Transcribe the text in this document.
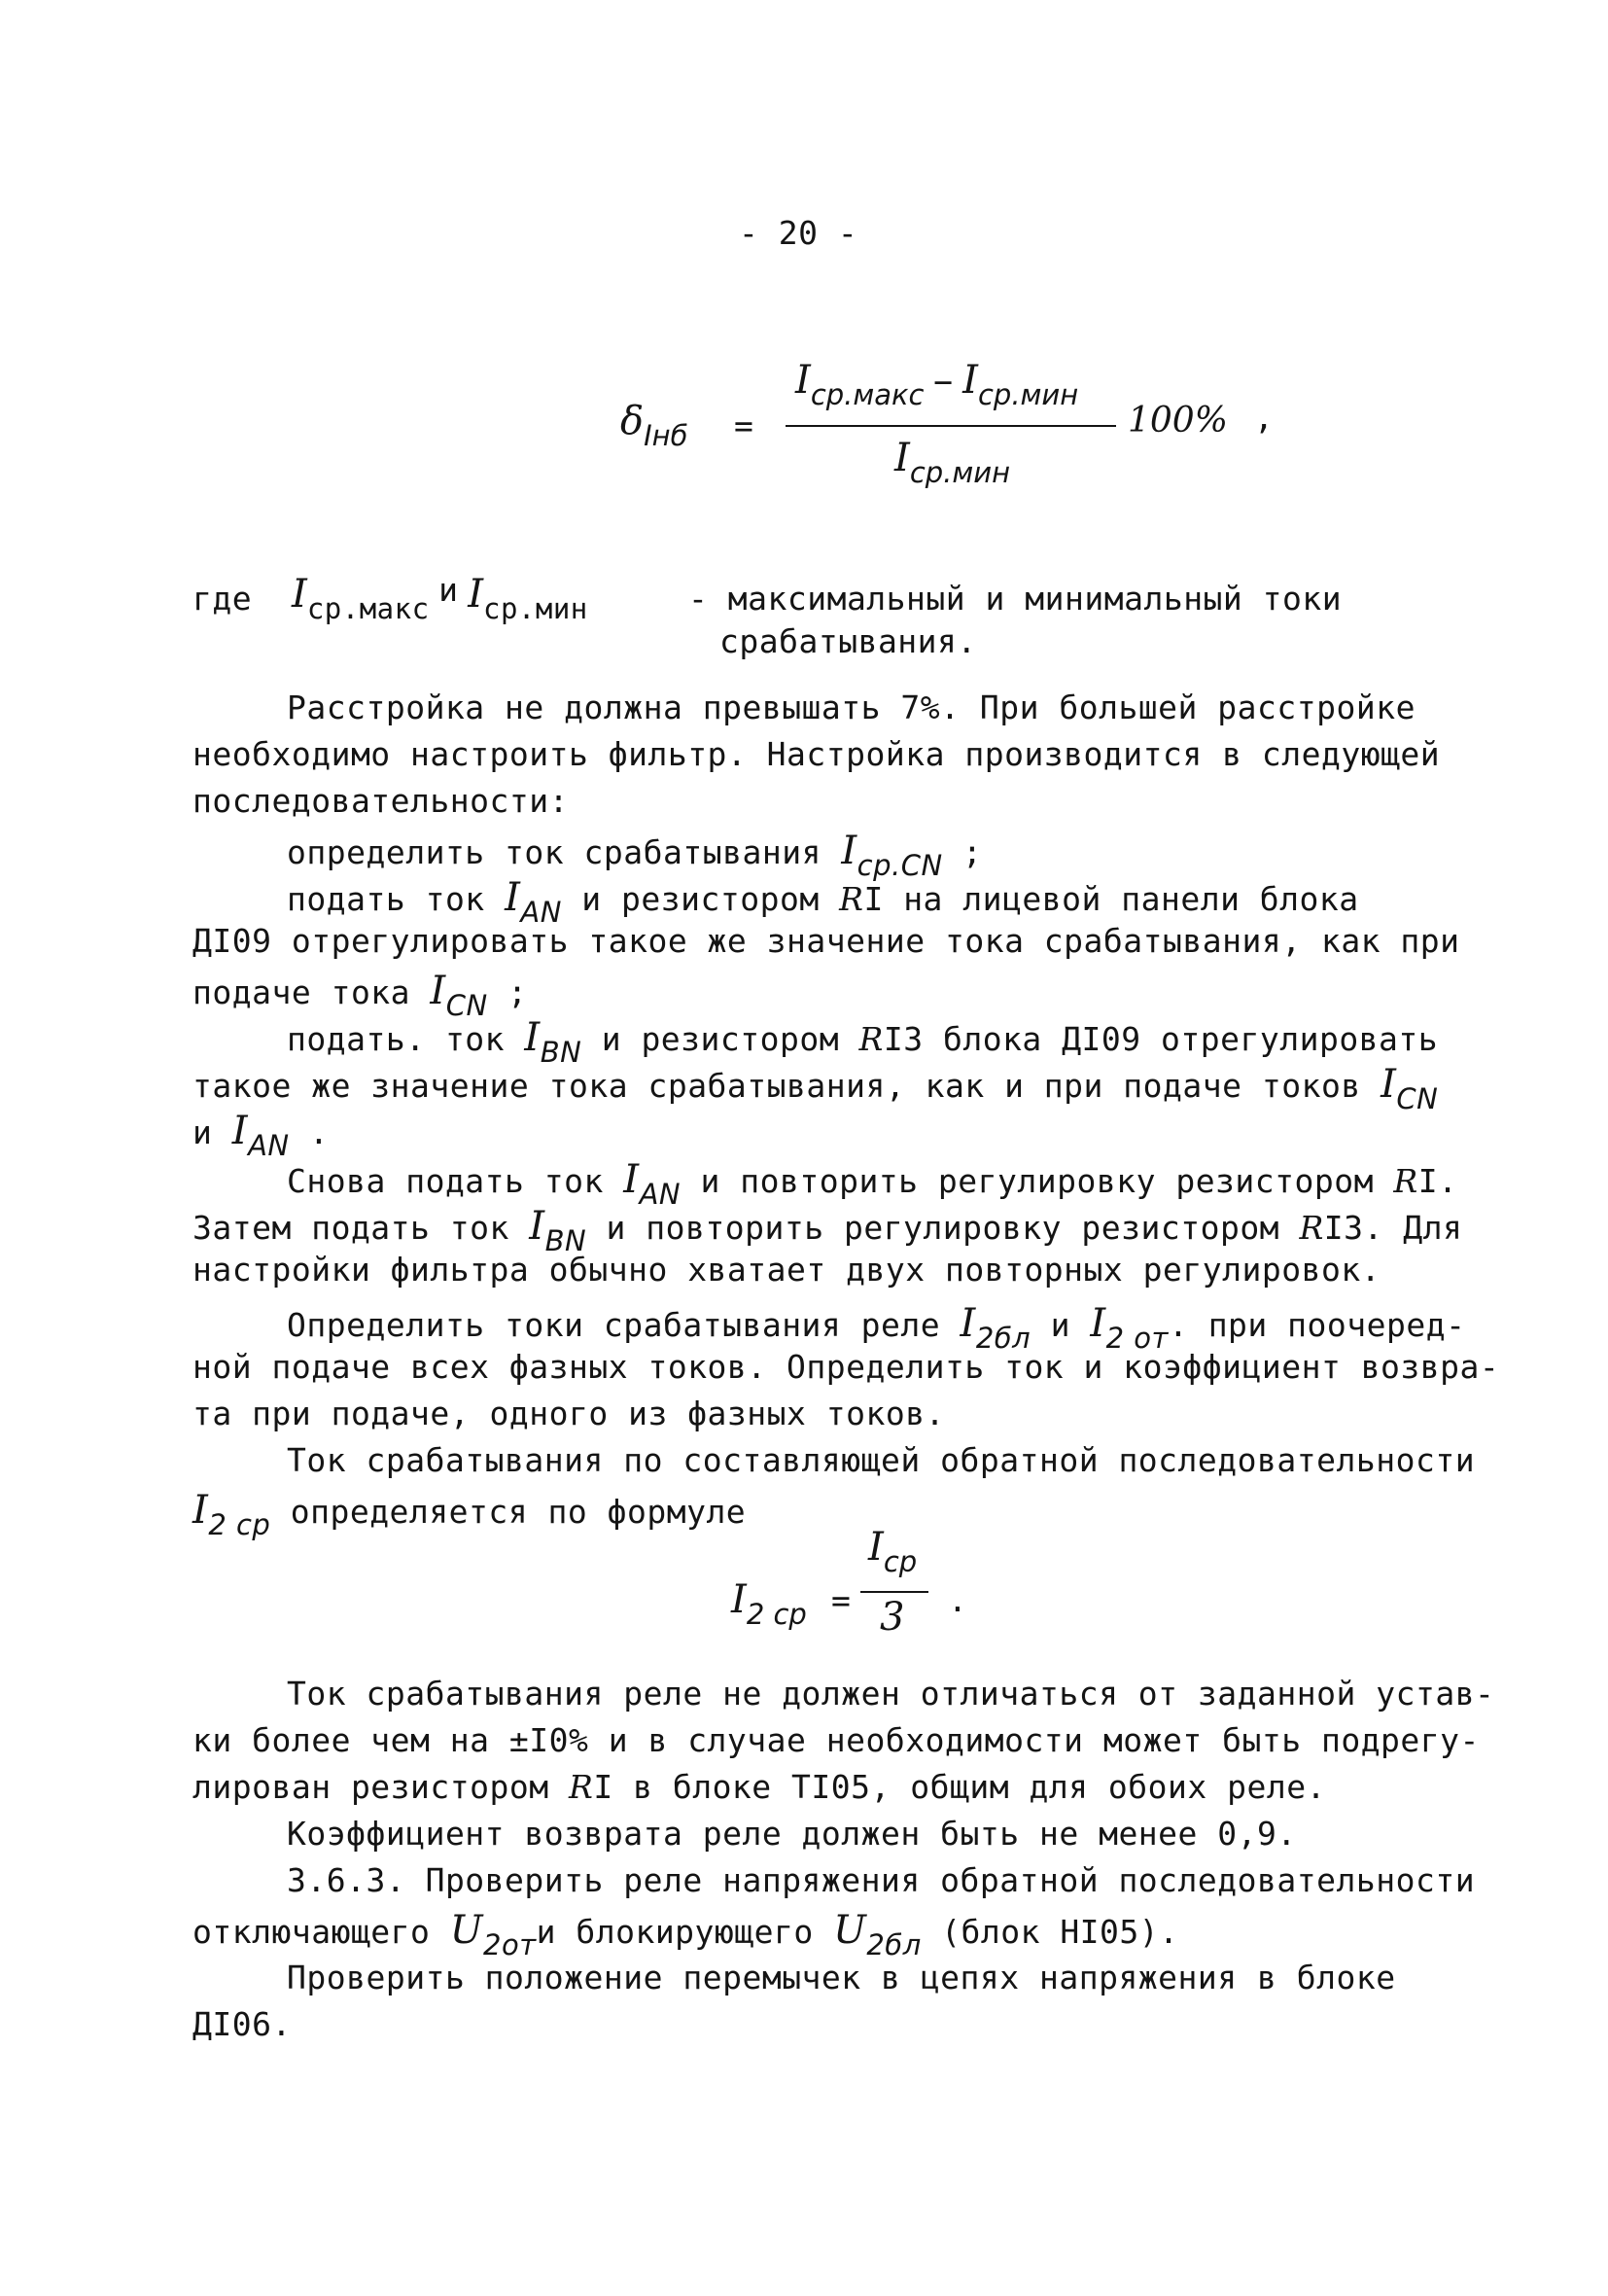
- 20 -
δIнб =
Iср.макс − Iср.мин
Iср.мин
100% ,
где Iср.макс и Iср.мин	- максимальный и минимальный токи
срабатывания.
Расстройка не должна превышать 7%. При большей расстройке
необходимо настроить фильтр. Настройка производится в следующей
последовательности:
определить ток срабатывания Iср.CN ;
подать ток IAN и резистором RI на лицевой панели блока
ДI09 отрегулировать такое же значение тока срабатывания, как при
подаче тока ICN ;
подать. ток IBN и резистором RI3 блока ДI09 отрегулировать
такое же значение тока срабатывания, как и при подаче токов ICN
и IAN .
Снова подать ток IAN и повторить регулировку резистором RI.
Затем подать ток IBN и повторить регулировку резистором RI3. Для
настройки фильтра обычно хватает двух повторных регулировок.
Определить токи срабатывания реле I2бл и I2 от. при поочеред-
ной подаче всех фазных токов. Определить ток и коэффициент возвра-
та при подаче, одного из фазных токов.
Ток срабатывания по составляющей обратной последовательности
I2 ср определяется по формуле
I2 ср =
Iср
3 .
Ток срабатывания реле не должен отличаться от заданной устав-
ки более чем на ±I0% и в случае необходимости может быть подрегу-
лирован резистором RI в блоке ТI05, общим для обоих реле.
Коэффициент возврата реле должен быть не менее 0,9.
3.6.3. Проверить реле напряжения обратной последовательности
отключающего U2оти блокирующего U2бл (блок НI05).
Проверить положение перемычек в цепях напряжения в блоке
ДI06.
